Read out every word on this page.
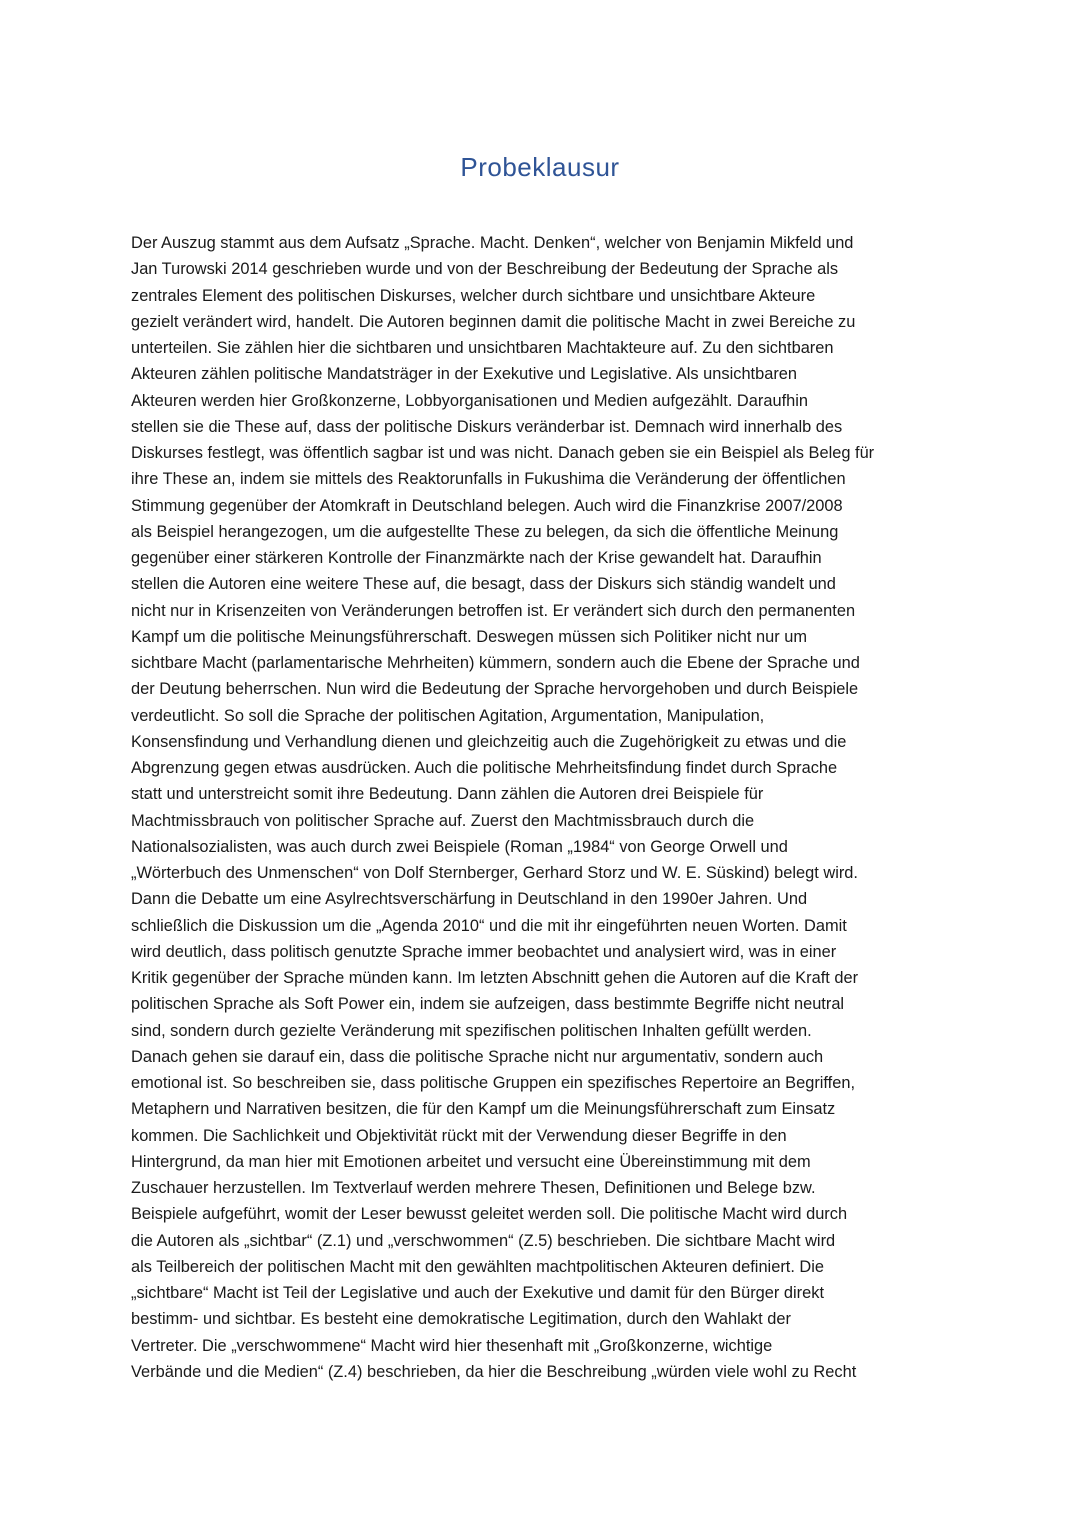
Probeklausur
Der Auszug stammt aus dem Aufsatz „Sprache. Macht. Denken“, welcher von Benjamin Mikfeld und
Jan Turowski 2014 geschrieben wurde und von der Beschreibung der Bedeutung der Sprache als
zentrales Element des politischen Diskurses, welcher durch sichtbare und unsichtbare Akteure
gezielt verändert wird, handelt. Die Autoren beginnen damit die politische Macht in zwei Bereiche zu
unterteilen. Sie zählen hier die sichtbaren und unsichtbaren Machtakteure auf. Zu den sichtbaren
Akteuren zählen politische Mandatsträger in der Exekutive und Legislative. Als unsichtbaren
Akteuren werden hier Großkonzerne, Lobbyorganisationen und Medien aufgezählt. Daraufhin
stellen sie die These auf, dass der politische Diskurs veränderbar ist. Demnach wird innerhalb des
Diskurses festlegt, was öffentlich sagbar ist und was nicht. Danach geben sie ein Beispiel als Beleg für
ihre These an, indem sie mittels des Reaktorunfalls in Fukushima die Veränderung der öffentlichen
Stimmung gegenüber der Atomkraft in Deutschland belegen. Auch wird die Finanzkrise 2007/2008
als Beispiel herangezogen, um die aufgestellte These zu belegen, da sich die öffentliche Meinung
gegenüber einer stärkeren Kontrolle der Finanzmärkte nach der Krise gewandelt hat. Daraufhin
stellen die Autoren eine weitere These auf, die besagt, dass der Diskurs sich ständig wandelt und
nicht nur in Krisenzeiten von Veränderungen betroffen ist. Er verändert sich durch den permanenten
Kampf um die politische Meinungsführerschaft. Deswegen müssen sich Politiker nicht nur um
sichtbare Macht (parlamentarische Mehrheiten) kümmern, sondern auch die Ebene der Sprache und
der Deutung beherrschen. Nun wird die Bedeutung der Sprache hervorgehoben und durch Beispiele
verdeutlicht. So soll die Sprache der politischen Agitation, Argumentation, Manipulation,
Konsensfindung und Verhandlung dienen und gleichzeitig auch die Zugehörigkeit zu etwas und die
Abgrenzung gegen etwas ausdrücken. Auch die politische Mehrheitsfindung findet durch Sprache
statt und unterstreicht somit ihre Bedeutung. Dann zählen die Autoren drei Beispiele für
Machtmissbrauch von politischer Sprache auf. Zuerst den Machtmissbrauch durch die
Nationalsozialisten, was auch durch zwei Beispiele (Roman „1984“ von George Orwell und
„Wörterbuch des Unmenschen“ von Dolf Sternberger, Gerhard Storz und W. E. Süskind) belegt wird.
Dann die Debatte um eine Asylrechtsverschärfung in Deutschland in den 1990er Jahren. Und
schließlich die Diskussion um die „Agenda 2010“ und die mit ihr eingeführten neuen Worten. Damit
wird deutlich, dass politisch genutzte Sprache immer beobachtet und analysiert wird, was in einer
Kritik gegenüber der Sprache münden kann. Im letzten Abschnitt gehen die Autoren auf die Kraft der
politischen Sprache als Soft Power ein, indem sie aufzeigen, dass bestimmte Begriffe nicht neutral
sind, sondern durch gezielte Veränderung mit spezifischen politischen Inhalten gefüllt werden.
Danach gehen sie darauf ein, dass die politische Sprache nicht nur argumentativ, sondern auch
emotional ist. So beschreiben sie, dass politische Gruppen ein spezifisches Repertoire an Begriffen,
Metaphern und Narrativen besitzen, die für den Kampf um die Meinungsführerschaft zum Einsatz
kommen. Die Sachlichkeit und Objektivität rückt mit der Verwendung dieser Begriffe in den
Hintergrund, da man hier mit Emotionen arbeitet und versucht eine Übereinstimmung mit dem
Zuschauer herzustellen. Im Textverlauf werden mehrere Thesen, Definitionen und Belege bzw.
Beispiele aufgeführt, womit der Leser bewusst geleitet werden soll. Die politische Macht wird durch
die Autoren als „sichtbar“ (Z.1) und „verschwommen“ (Z.5) beschrieben. Die sichtbare Macht wird
als Teilbereich der politischen Macht mit den gewählten machtpolitischen Akteuren definiert. Die
„sichtbare“ Macht ist Teil der Legislative und auch der Exekutive und damit für den Bürger direkt
bestimm- und sichtbar. Es besteht eine demokratische Legitimation, durch den Wahlakt der
Vertreter. Die „verschwommene“ Macht wird hier thesenhaft mit „Großkonzerne, wichtige
Verbände und die Medien“ (Z.4) beschrieben, da hier die Beschreibung „würden viele wohl zu Recht
